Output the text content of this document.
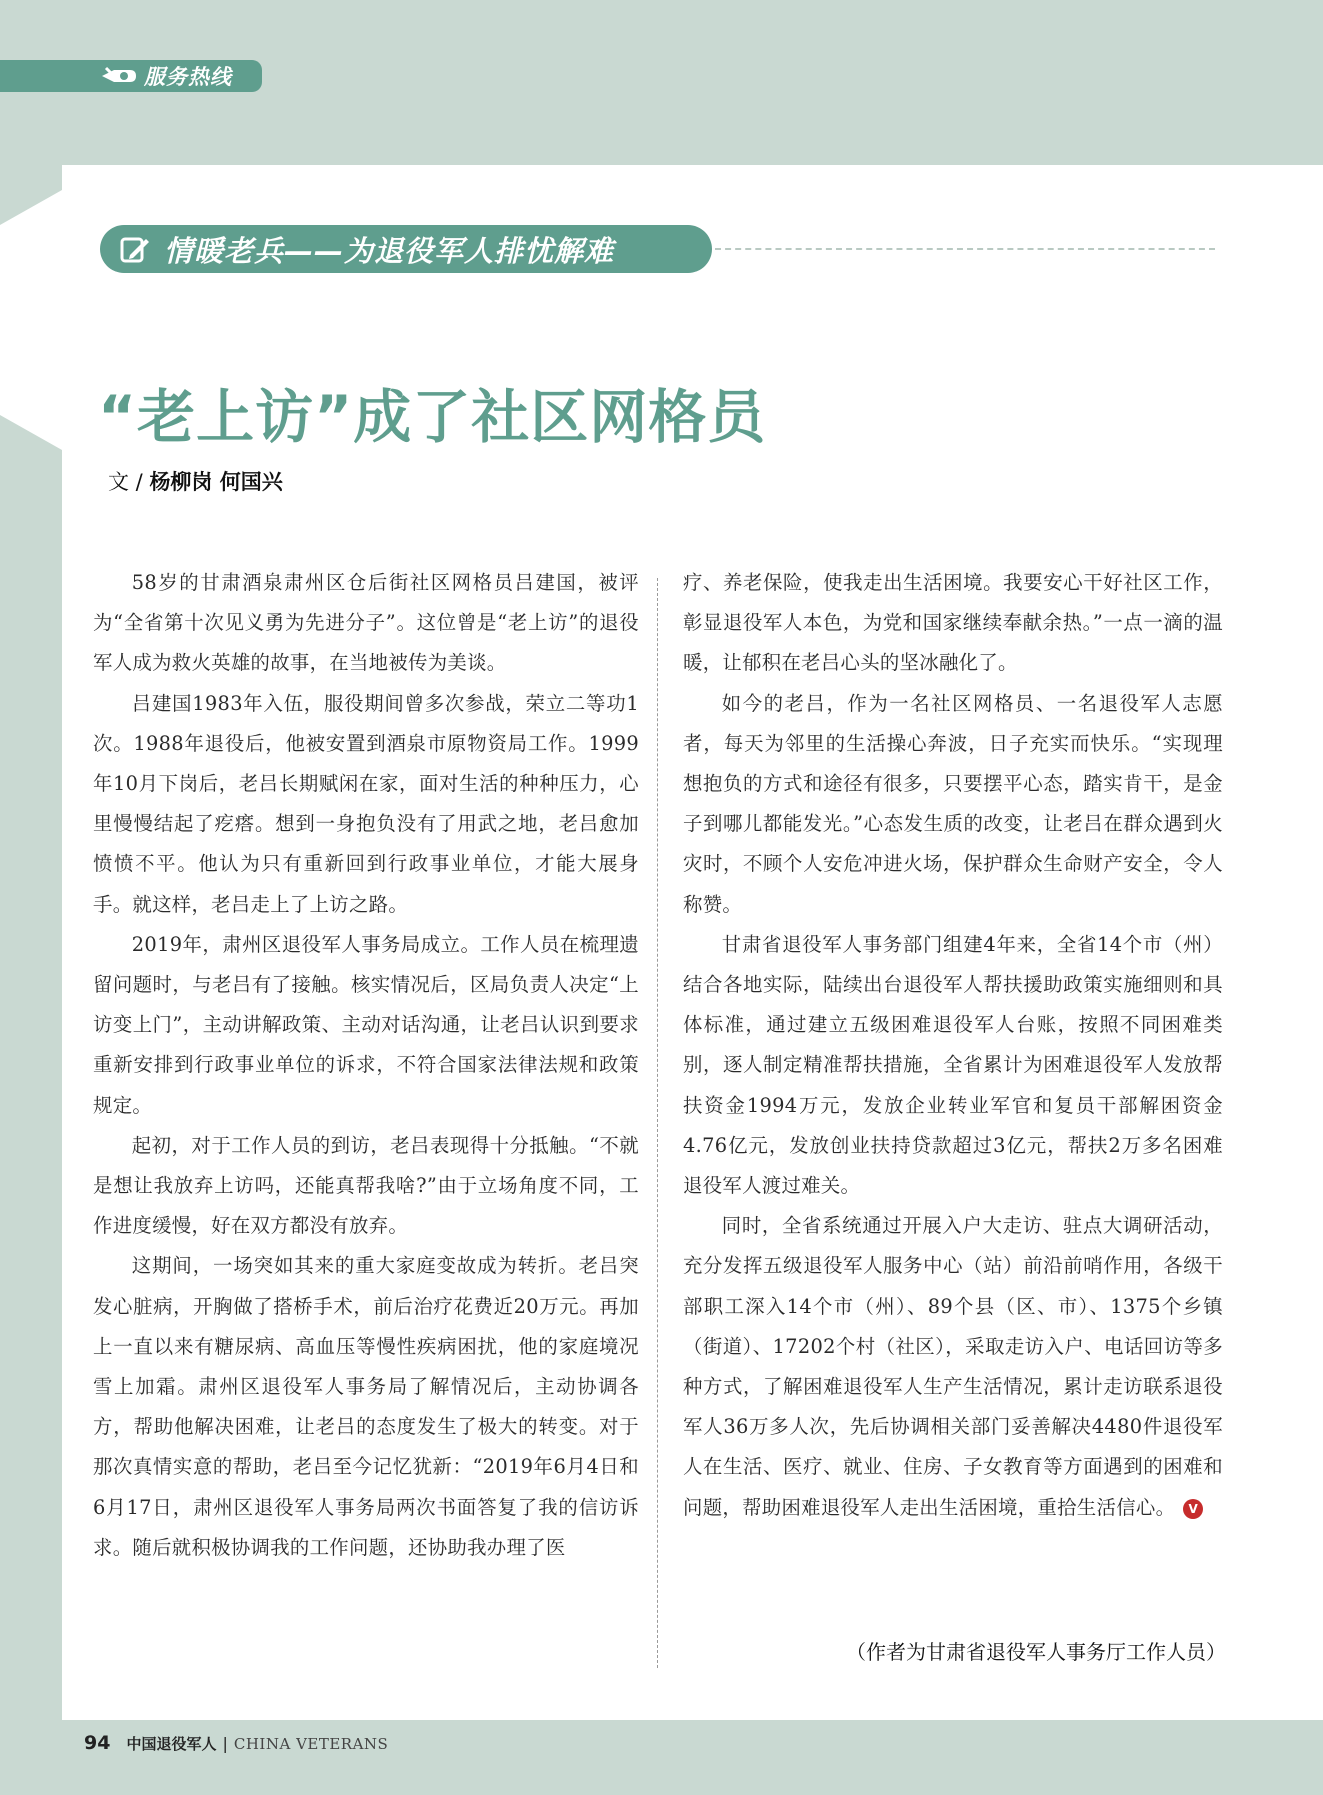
服务热线
情暖老兵——为退役军人排忧解难
“老上访”成了社区网格员
文 / 杨柳岗 何国兴

58岁的甘肃酒泉肃州区仓后街社区网格员吕建国，被评为“全省第十次见义勇为先进分子”。这位曾是“老上访”的退役军人成为救火英雄的故事，在当地被传为美谈。

吕建国1983年入伍，服役期间曾多次参战，荣立二等功1次。1988年退役后，他被安置到酒泉市原物资局工作。1999年10月下岗后，老吕长期赋闲在家，面对生活的种种压力，心里慢慢结起了疙瘩。想到一身抱负没有了用武之地，老吕愈加愤愤不平。他认为只有重新回到行政事业单位，才能大展身手。就这样，老吕走上了上访之路。

2019年，肃州区退役军人事务局成立。工作人员在梳理遗留问题时，与老吕有了接触。核实情况后，区局负责人决定“上访变上门”，主动讲解政策、主动对话沟通，让老吕认识到要求重新安排到行政事业单位的诉求，不符合国家法律法规和政策规定。

起初，对于工作人员的到访，老吕表现得十分抵触。“不就是想让我放弃上访吗，还能真帮我啥?”由于立场角度不同，工作进度缓慢，好在双方都没有放弃。

这期间，一场突如其来的重大家庭变故成为转折。老吕突发心脏病，开胸做了搭桥手术，前后治疗花费近20万元。再加上一直以来有糖尿病、高血压等慢性疾病困扰，他的家庭境况雪上加霜。肃州区退役军人事务局了解情况后，主动协调各方，帮助他解决困难，让老吕的态度发生了极大的转变。对于那次真情实意的帮助，老吕至今记忆犹新：“2019年6月4日和6月17日，肃州区退役军人事务局两次书面答复了我的信访诉求。随后就积极协调我的工作问题，还协助我办理了医

疗、养老保险，使我走出生活困境。我要安心干好社区工作，彰显退役军人本色，为党和国家继续奉献余热。”一点一滴的温暖，让郁积在老吕心头的坚冰融化了。

如今的老吕，作为一名社区网格员、一名退役军人志愿者，每天为邻里的生活操心奔波，日子充实而快乐。“实现理想抱负的方式和途径有很多，只要摆平心态，踏实肯干，是金子到哪儿都能发光。”心态发生质的改变，让老吕在群众遇到火灾时，不顾个人安危冲进火场，保护群众生命财产安全，令人称赞。

甘肃省退役军人事务部门组建4年来，全省14个市（州）结合各地实际，陆续出台退役军人帮扶援助政策实施细则和具体标准，通过建立五级困难退役军人台账，按照不同困难类别，逐人制定精准帮扶措施，全省累计为困难退役军人发放帮扶资金1994万元，发放企业转业军官和复员干部解困资金4.76亿元，发放创业扶持贷款超过3亿元，帮扶2万多名困难退役军人渡过难关。

同时，全省系统通过开展入户大走访、驻点大调研活动，充分发挥五级退役军人服务中心（站）前沿前哨作用，各级干部职工深入14个市（州）、89个县（区、市）、1375个乡镇（街道）、17202个村（社区），采取走访入户、电话回访等多种方式，了解困难退役军人生产生活情况，累计走访联系退役军人36万多人次，先后协调相关部门妥善解决4480件退役军人在生活、医疗、就业、住房、子女教育等方面遇到的困难和问题，帮助困难退役军人走出生活困境，重拾生活信心。 V

（作者为甘肃省退役军人事务厅工作人员）
94 中国退役军人 | CHINA VETERANS
